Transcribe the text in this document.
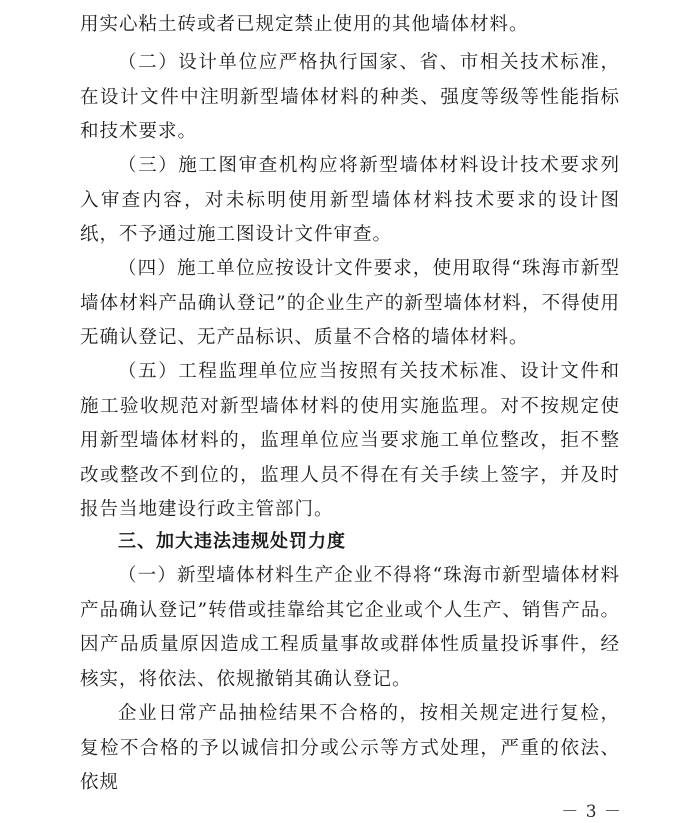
用实心粘土砖或者已规定禁止使用的其他墙体材料。

（二）设计单位应严格执行国家、省、市相关技术标准，在设计文件中注明新型墙体材料的种类、强度等级等性能指标和技术要求。

（三）施工图审查机构应将新型墙体材料设计技术要求列入审查内容，对未标明使用新型墙体材料技术要求的设计图纸，不予通过施工图设计文件审查。

（四）施工单位应按设计文件要求，使用取得“珠海市新型墙体材料产品确认登记”的企业生产的新型墙体材料，不得使用无确认登记、无产品标识、质量不合格的墙体材料。

（五）工程监理单位应当按照有关技术标准、设计文件和施工验收规范对新型墙体材料的使用实施监理。对不按规定使用新型墙体材料的，监理单位应当要求施工单位整改，拒不整改或整改不到位的，监理人员不得在有关手续上签字，并及时报告当地建设行政主管部门。

三、加大违法违规处罚力度

（一）新型墙体材料生产企业不得将“珠海市新型墙体材料产品确认登记”转借或挂靠给其它企业或个人生产、销售产品。因产品质量原因造成工程质量事故或群体性质量投诉事件，经核实，将依法、依规撤销其确认登记。

企业日常产品抽检结果不合格的，按相关规定进行复检，复检不合格的予以诚信扣分或公示等方式处理，严重的依法、依规

－ 3 －
